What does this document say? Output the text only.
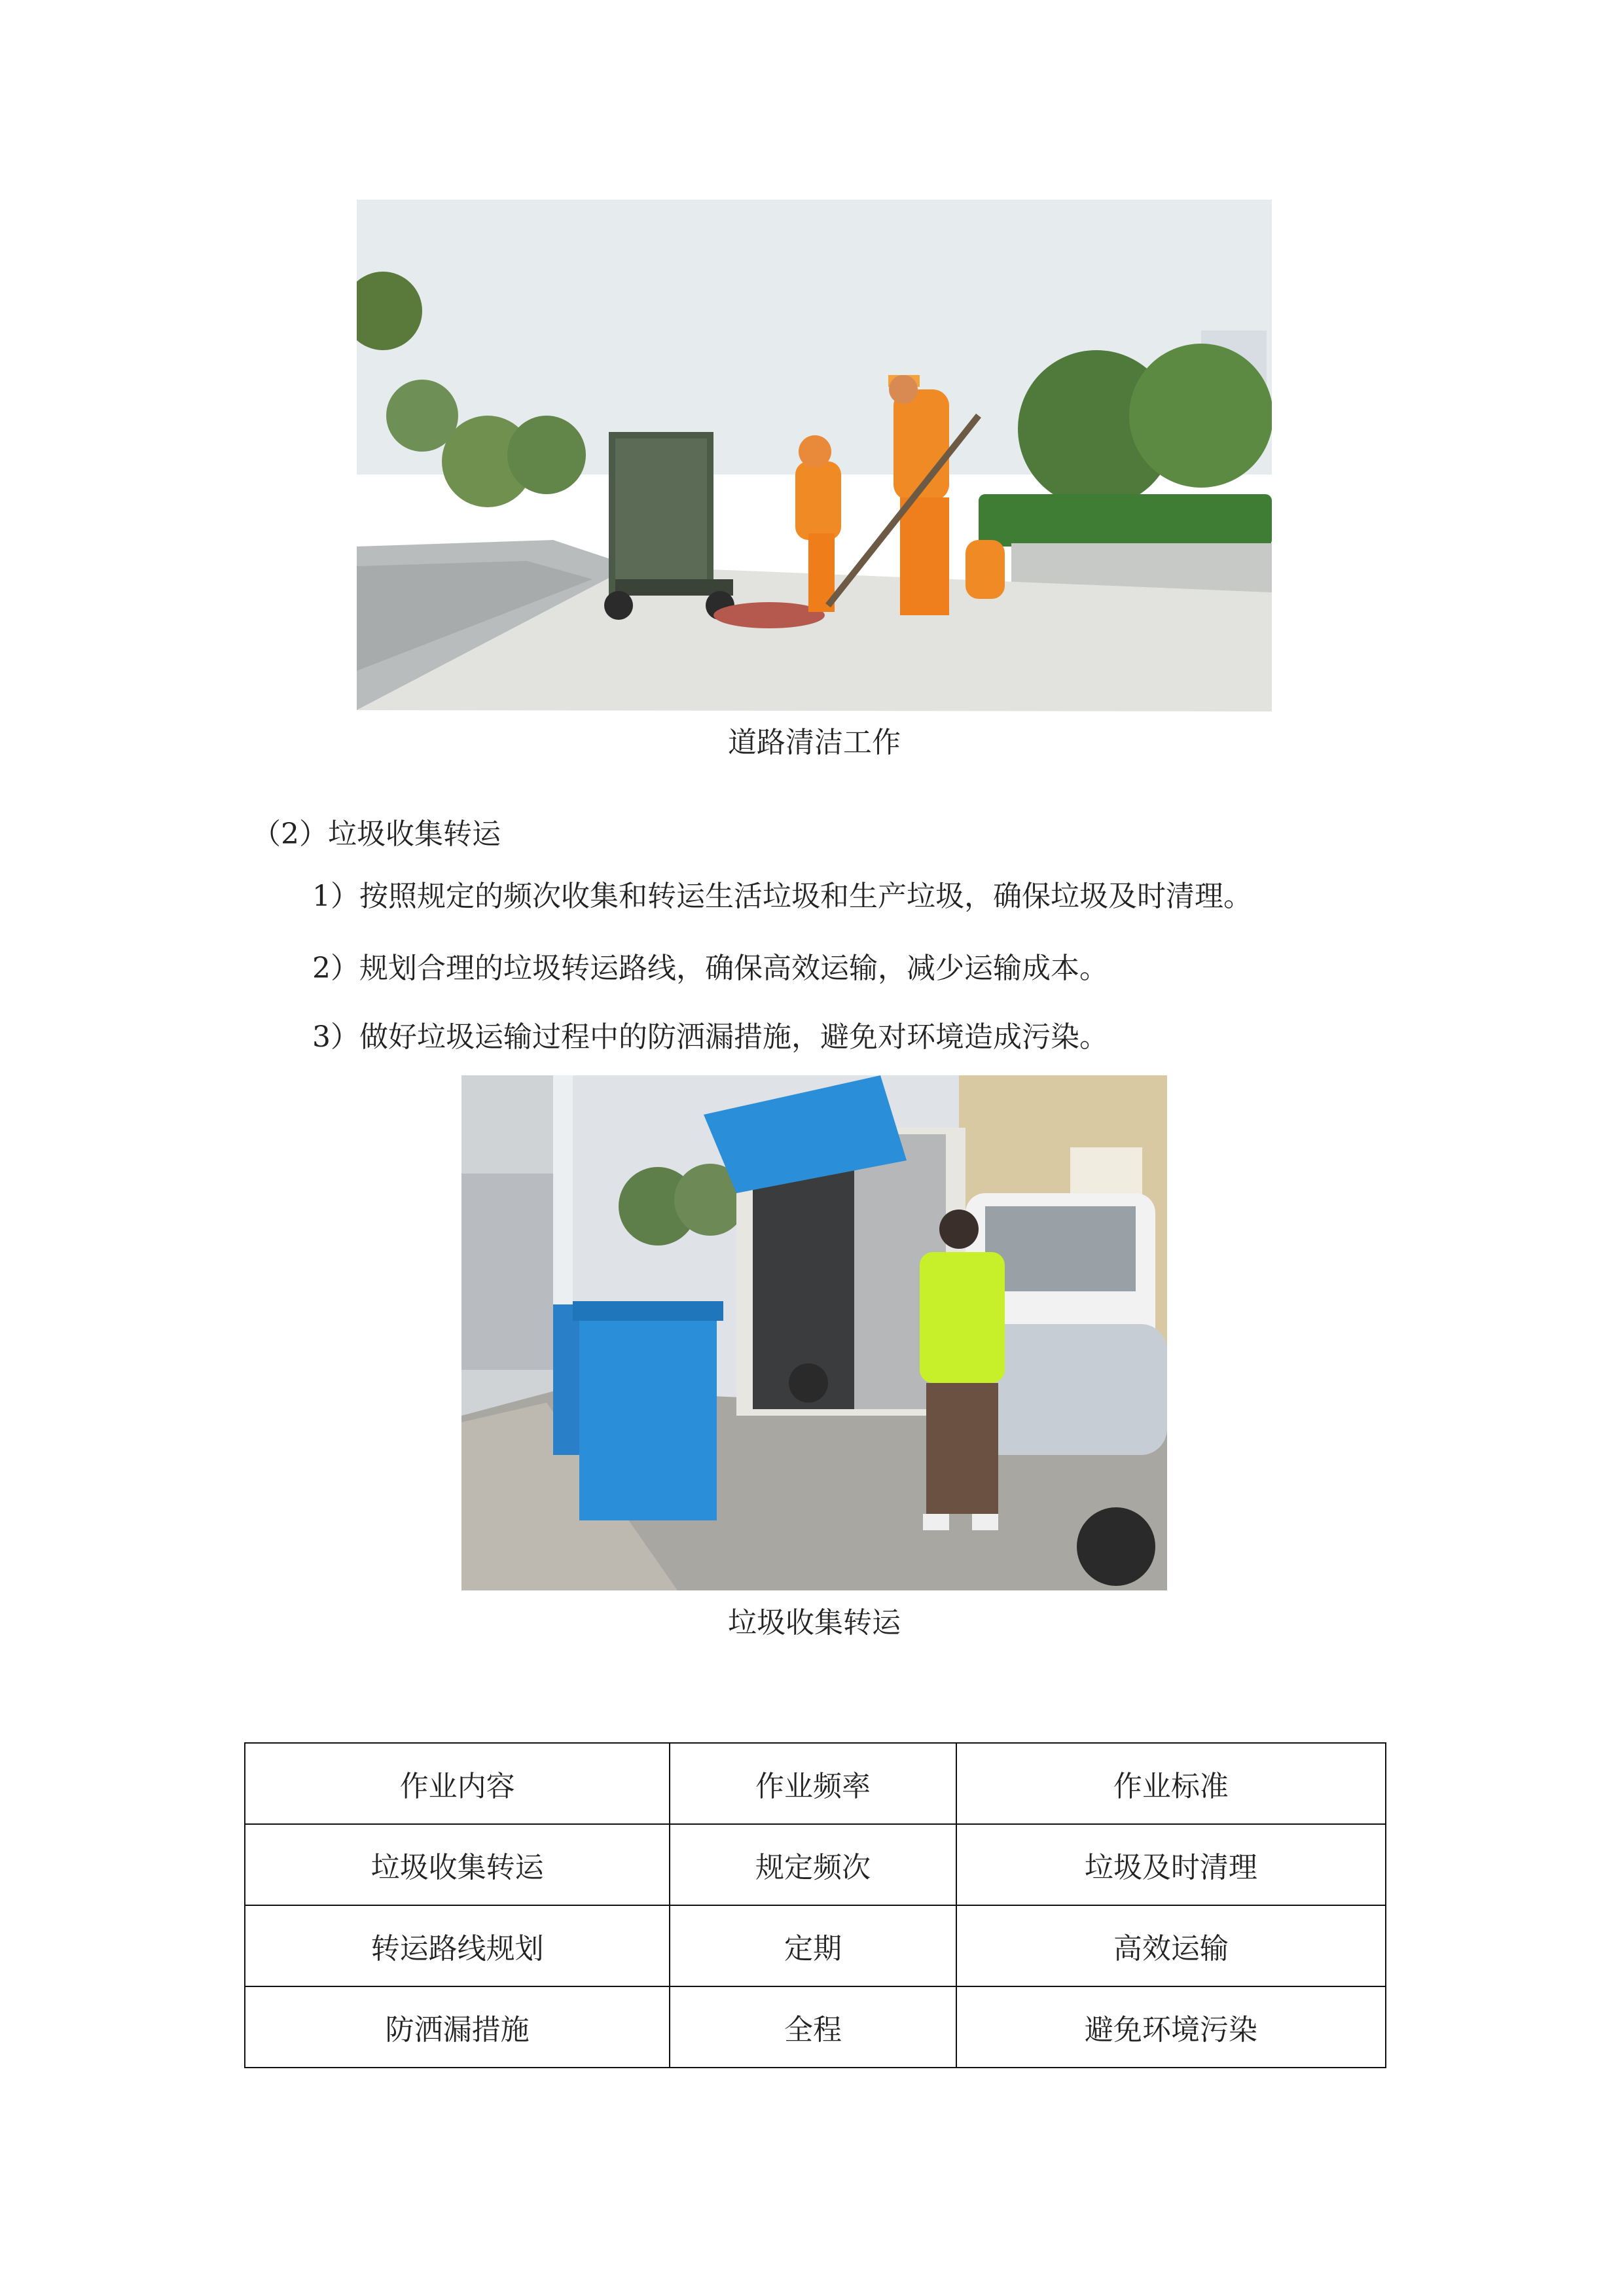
道路清洁工作
（2）垃圾收集转运
1）按照规定的频次收集和转运生活垃圾和生产垃圾，确保垃圾及时清理。
2）规划合理的垃圾转运路线，确保高效运输，减少运输成本。
3）做好垃圾运输过程中的防洒漏措施，避免对环境造成污染。
垃圾收集转运
作业内容	作业频率	作业标准
垃圾收集转运	规定频次	垃圾及时清理
转运路线规划	定期	高效运输
防洒漏措施	全程	避免环境污染
